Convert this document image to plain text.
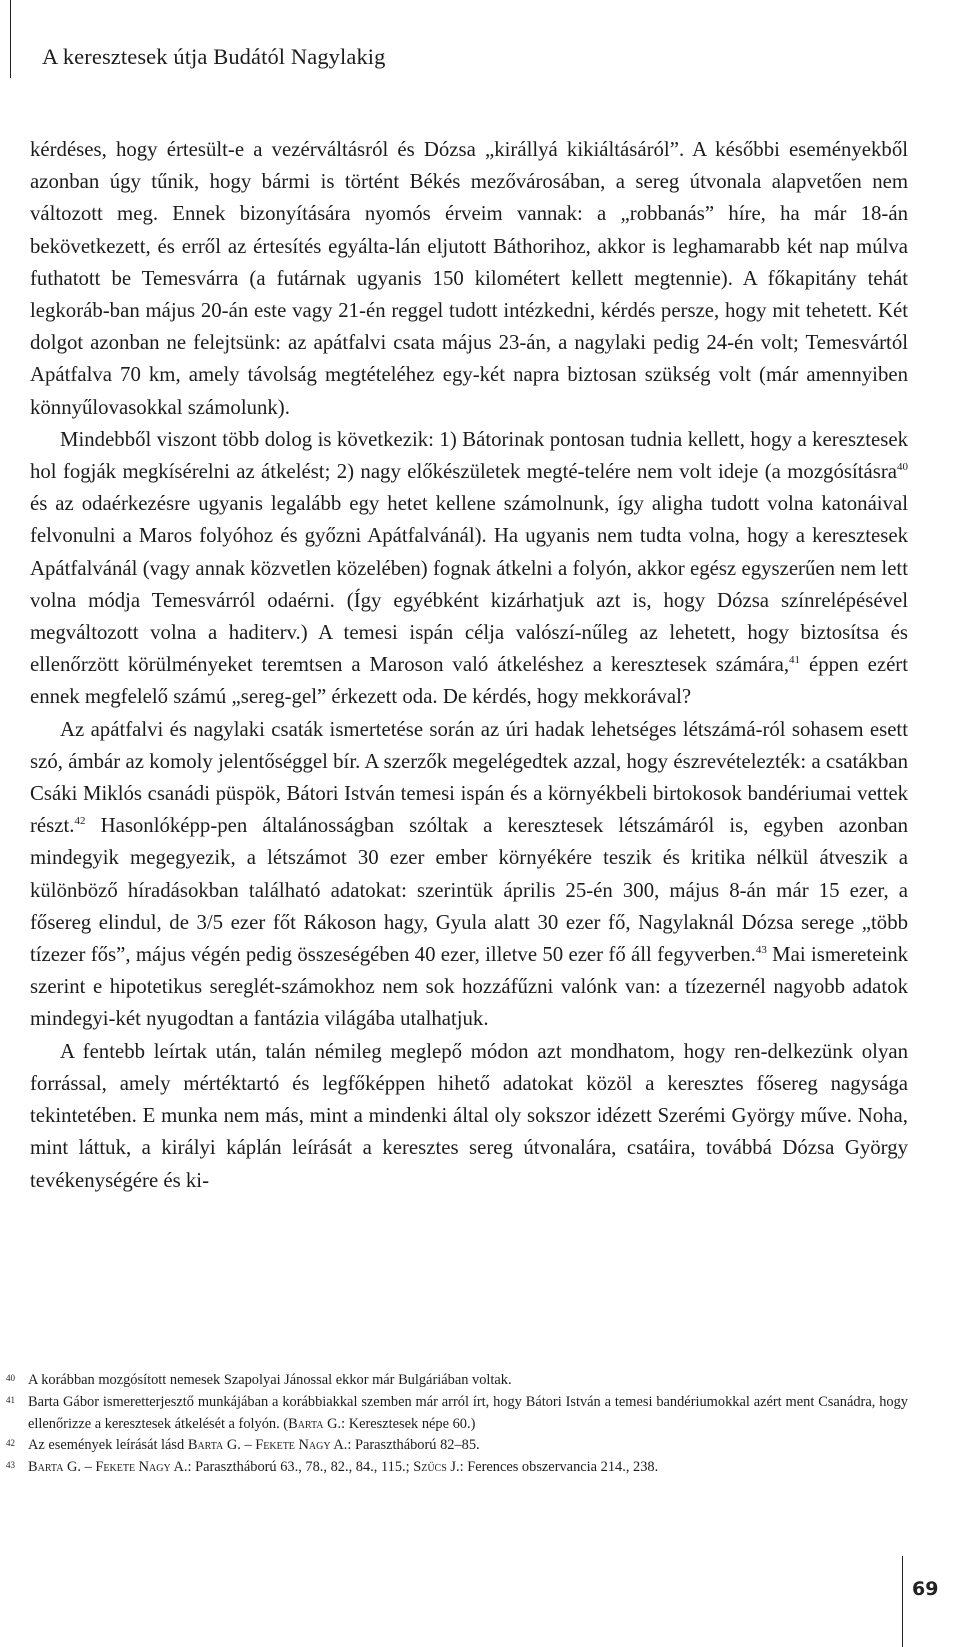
A keresztesek útja Budától Nagylakig

kérdéses, hogy értesült-e a vezérváltásról és Dózsa „királlyá kikiáltásáról”. A későbbi eseményekből azonban úgy tűnik, hogy bármi is történt Békés mezővárosában, a sereg útvonala alapvetően nem változott meg. Ennek bizonyítására nyomós érveim vannak: a „robbanás” híre, ha már 18-án bekövetkezett, és erről az értesítés egyálta-lán eljutott Báthorihoz, akkor is leghamarabb két nap múlva futhatott be Temesvárra (a futárnak ugyanis 150 kilométert kellett megtennie). A főkapitány tehát legkoráb-ban május 20-án este vagy 21-én reggel tudott intézkedni, kérdés persze, hogy mit tehetett. Két dolgot azonban ne felejtsünk: az apátfalvi csata május 23-án, a nagylaki pedig 24-én volt; Temesvártól Apátfalva 70 km, amely távolság megtételéhez egy-két napra biztosan szükség volt (már amennyiben könnyűlovasokkal számolunk).

Mindebből viszont több dolog is következik: 1) Bátorinak pontosan tudnia kellett, hogy a keresztesek hol fogják megkísérelni az átkelést; 2) nagy előkészületek megté-telére nem volt ideje (a mozgósításra$^{40}$ és az odaérkezésre ugyanis legalább egy hetet kellene számolnunk, így aligha tudott volna katonáival felvonulni a Maros folyóhoz és győzni Apátfalvánál). Ha ugyanis nem tudta volna, hogy a keresztesek Apátfalvánál (vagy annak közvetlen közelében) fognak átkelni a folyón, akkor egész egyszerűen nem lett volna módja Temesvárról odaérni. (Így egyébként kizárhatjuk azt is, hogy Dózsa színrelépésével megváltozott volna a haditerv.) A temesi ispán célja valószí-nűleg az lehetett, hogy biztosítsa és ellenőrzött körülményeket teremtsen a Maroson való átkeléshez a keresztesek számára,$^{41}$ éppen ezért ennek megfelelő számú „sereg-gel” érkezett oda. De kérdés, hogy mekkorával?

Az apátfalvi és nagylaki csaták ismertetése során az úri hadak lehetséges létszámá-ról sohasem esett szó, ámbár az komoly jelentőséggel bír. A szerzők megelégedtek azzal, hogy észrevételezték: a csatákban Csáki Miklós csanádi püspök, Bátori István temesi ispán és a környékbeli birtokosok bandériumai vettek részt.$^{42}$ Hasonlóképp-pen általánosságban szóltak a keresztesek létszámáról is, egyben azonban mindegyik megegyezik, a létszámot 30 ezer ember környékére teszik és kritika nélkül átveszik a különböző híradásokban található adatokat: szerintük április 25-én 300, május 8-án már 15 ezer, a fősereg elindul, de 3/5 ezer főt Rákoson hagy, Gyula alatt 30 ezer fő, Nagylaknál Dózsa serege „több tízezer fős”, május végén pedig összeségében 40 ezer, illetve 50 ezer fő áll fegyverben.$^{43}$ Mai ismereteink szerint e hipotetikus sereglét-számokhoz nem sok hozzáfűzni valónk van: a tízezernél nagyobb adatok mindegyi-két nyugodtan a fantázia világába utalhatjuk.

A fentebb leírtak után, talán némileg meglepő módon azt mondhatom, hogy ren-delkezünk olyan forrással, amely mértéktartó és legfőképpen hihető adatokat közöl a keresztes fősereg nagysága tekintetében. E munka nem más, mint a mindenki által oly sokszor idézett Szerémi György műve. Noha, mint láttuk, a királyi káplán leírását a keresztes sereg útvonalára, csatáira, továbbá Dózsa György tevékenységére és ki-

40 A korábban mozgósított nemesek Szapolyai Jánossal ekkor már Bulgáriában voltak.
41 Barta Gábor ismeretterjesztő munkájában a korábbiakkal szemben már arról írt, hogy Bátori István a temesi bandériumokkal azért ment Csanádra, hogy ellenőrizze a keresztesek átkelését a folyón. (Barta G.: Keresztesek népe 60.)
42 Az események leírását lásd Barta G. – Fekete Nagy A.: Parasztháború 82–85.
43 Barta G. – Fekete Nagy A.: Parasztháború 63., 78., 82., 84., 115.; Szűcs J.: Ferences obszervancia 214., 238.
69
